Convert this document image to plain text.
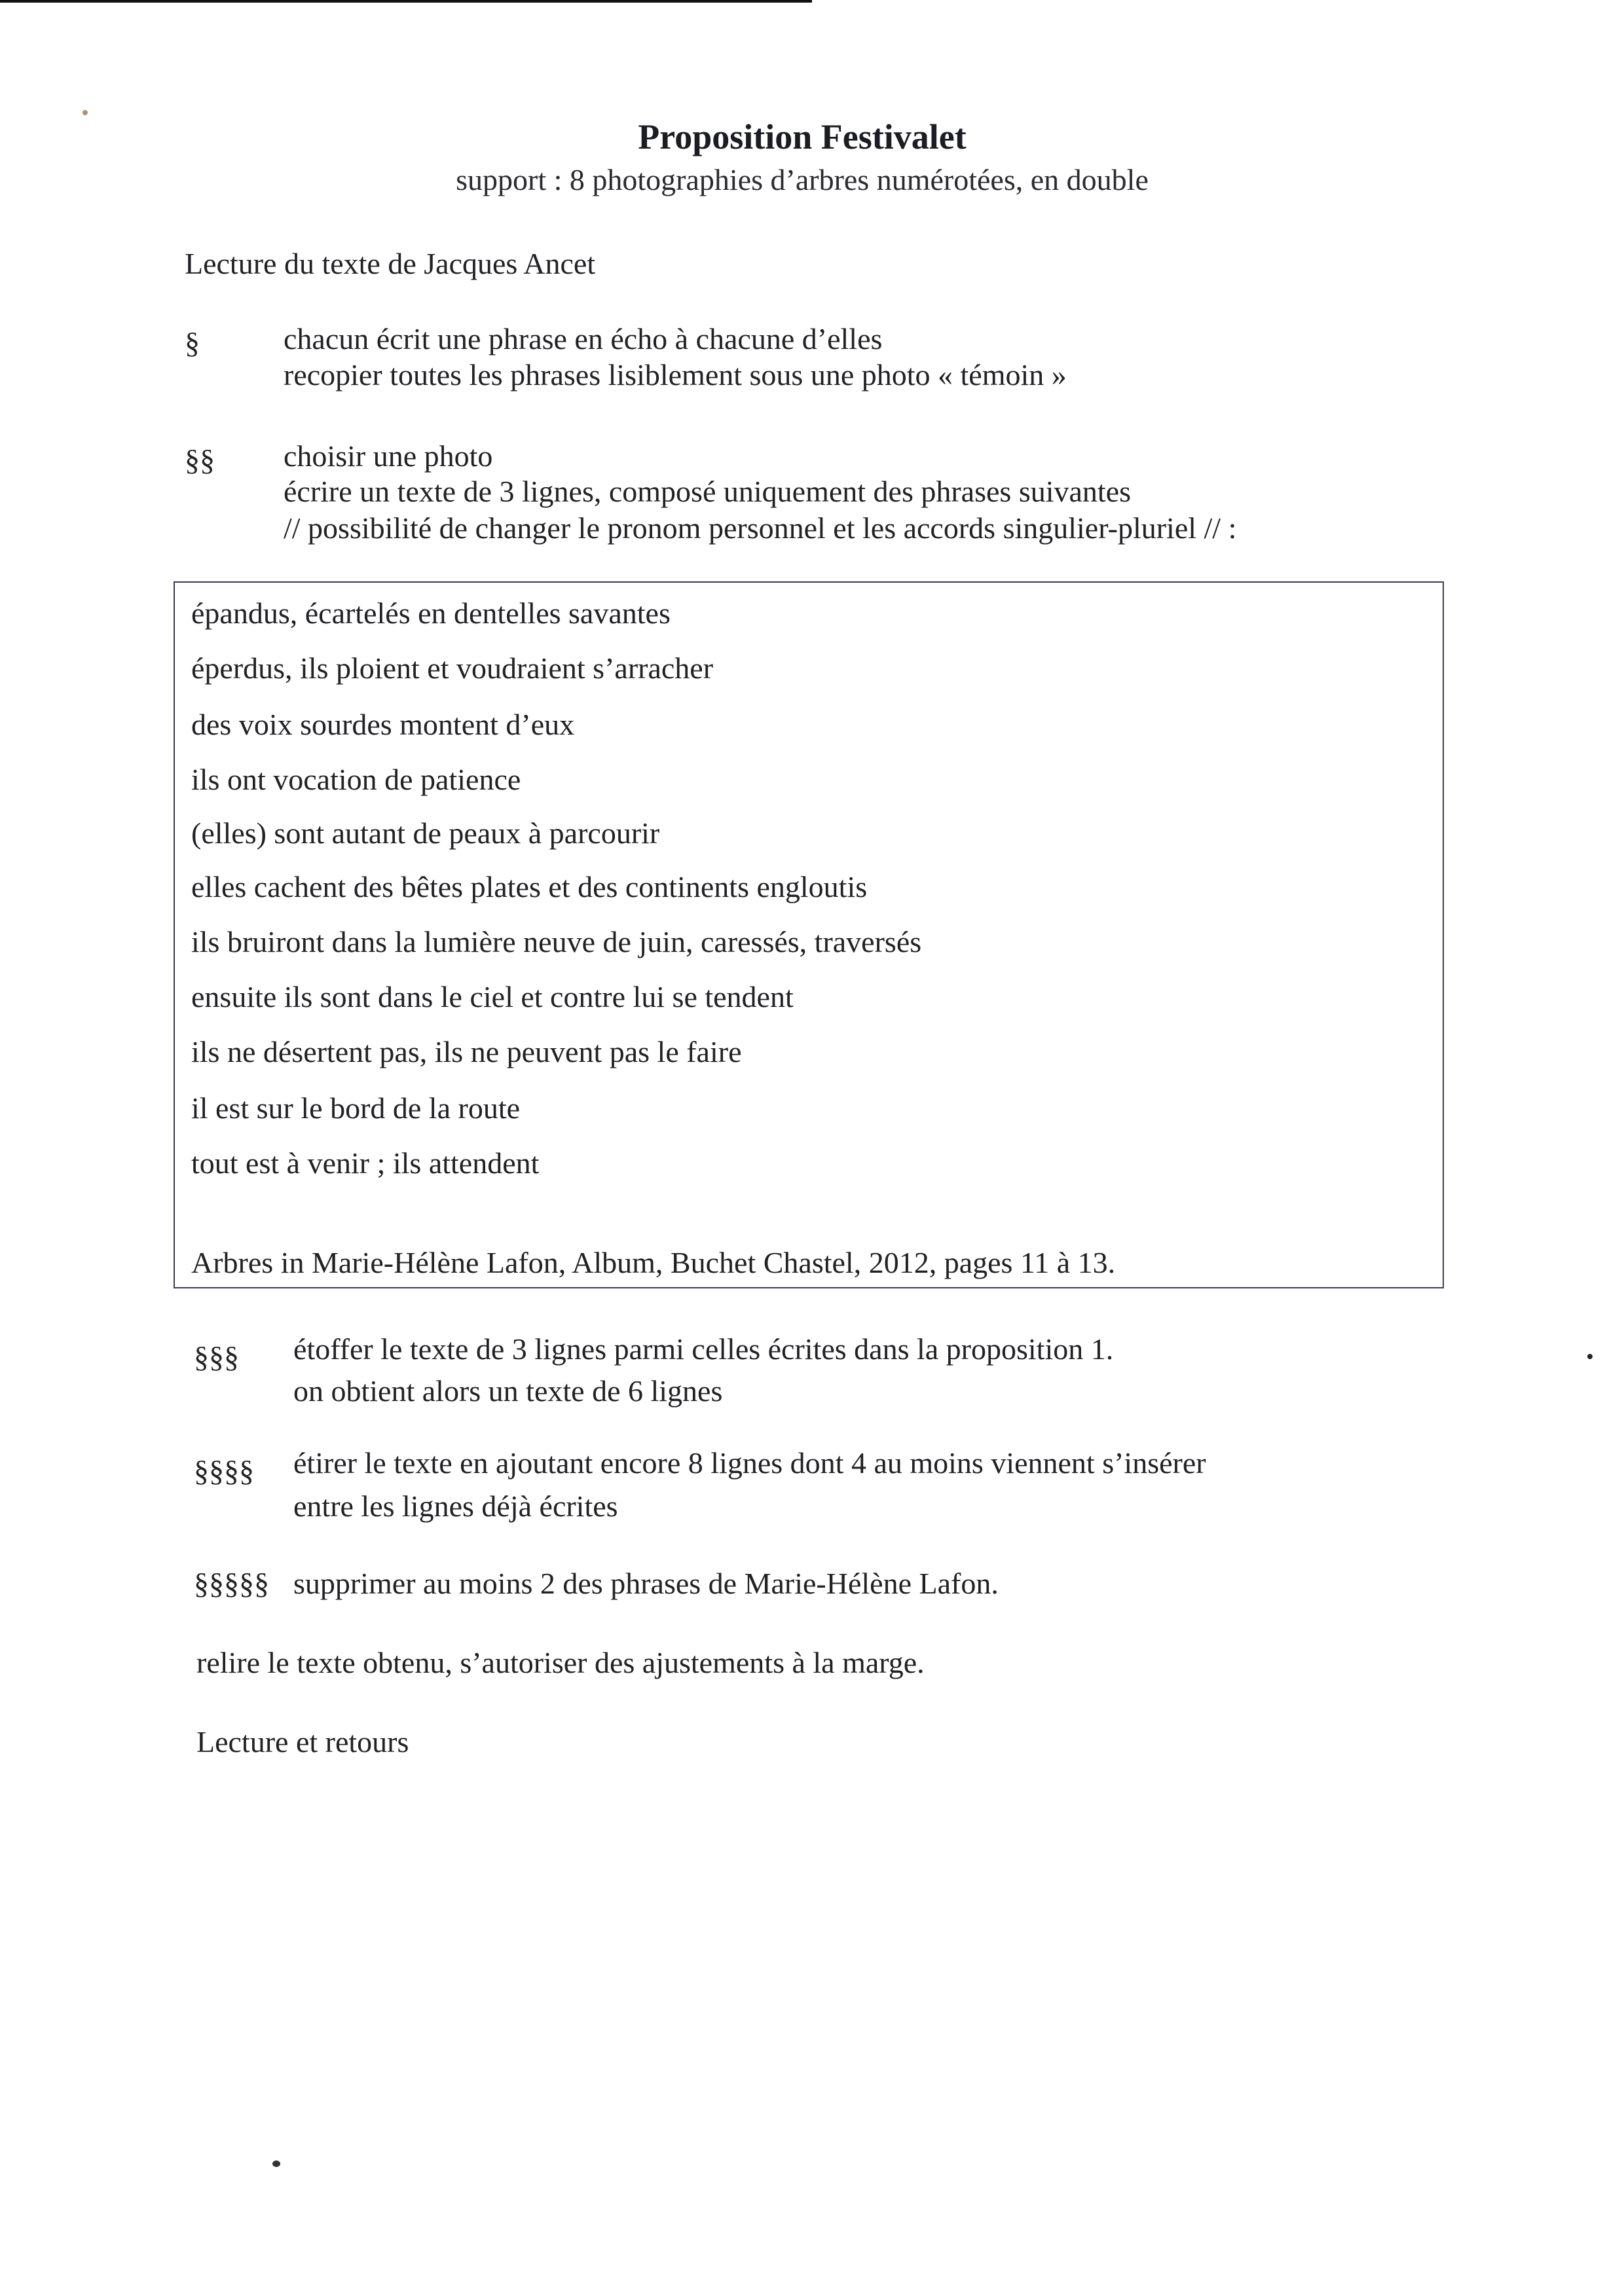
Proposition Festivalet
support : 8 photographies d’arbres numérotées, en double
Lecture du texte de Jacques Ancet
§	chacun écrit une phrase en écho à chacune d’elles
recopier toutes les phrases lisiblement sous une photo « témoin »
§§ choisir une photo
écrire un texte de 3 lignes, composé uniquement des phrases suivantes
// possibilité de changer le pronom personnel et les accords singulier-pluriel // :
épandus, écartelés en dentelles savantes
éperdus, ils ploient et voudraient s’arracher
des voix sourdes montent d’eux
ils ont vocation de patience
(elles) sont autant de peaux à parcourir
elles cachent des bêtes plates et des continents engloutis
ils bruiront dans la lumière neuve de juin, caressés, traversés
ensuite ils sont dans le ciel et contre lui se tendent
ils ne désertent pas, ils ne peuvent pas le faire
il est sur le bord de la route
tout est à venir ; ils attendent
Arbres in Marie-Hélène Lafon, Album, Buchet Chastel, 2012, pages 11 à 13.
§§§ étoffer le texte de 3 lignes parmi celles écrites dans la proposition 1.
on obtient alors un texte de 6 lignes
§§§§ étirer le texte en ajoutant encore 8 lignes dont 4 au moins viennent s’insérer
entre les lignes déjà écrites
§§§§§ supprimer au moins 2 des phrases de Marie-Hélène Lafon.
relire le texte obtenu, s’autoriser des ajustements à la marge.
Lecture et retours
